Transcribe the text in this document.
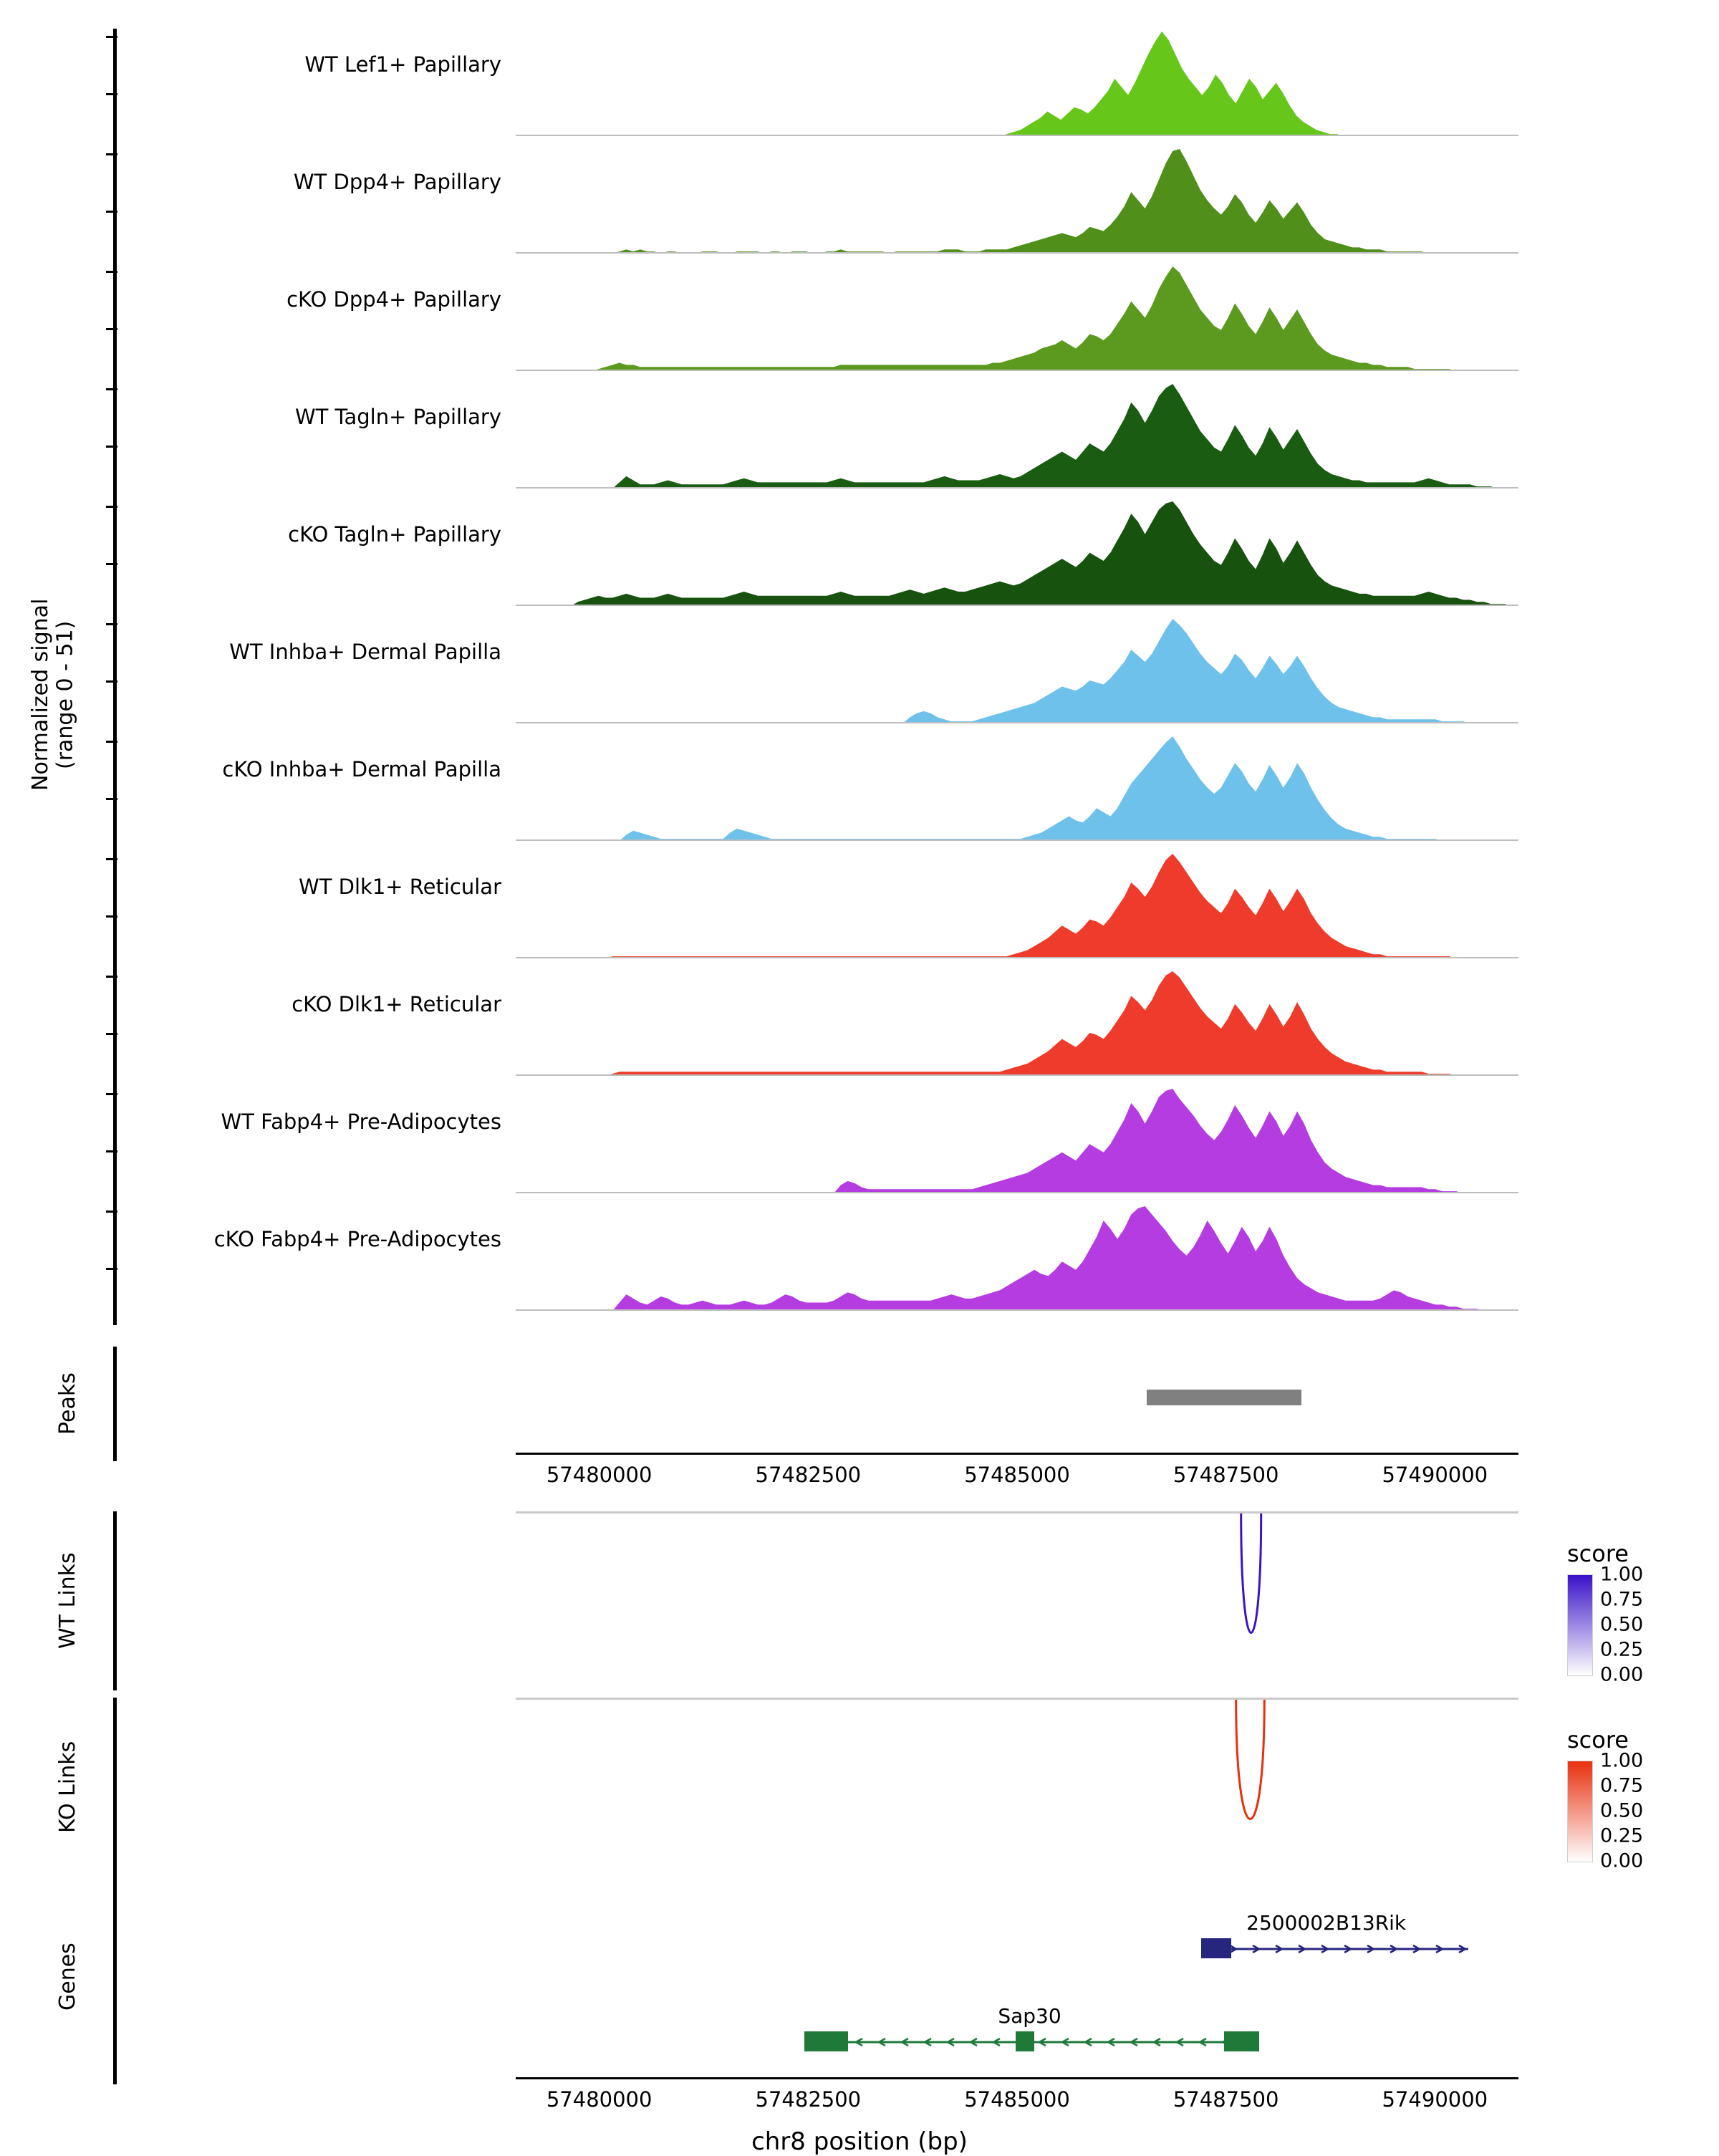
Normalized signal
(range 0 - 51)
WT Lef1+ Papillary
WT Dpp4+ Papillary
cKO Dpp4+ Papillary
WT Tagln+ Papillary
cKO Tagln+ Papillary
WT Inhba+ Dermal Papilla
cKO Inhba+ Dermal Papilla
WT Dlk1+ Reticular
cKO Dlk1+ Reticular
WT Fabp4+ Pre-Adipocytes
cKO Fabp4+ Pre-Adipocytes
Peaks
57480000	57482500	57485000	57487500	57490000
WT Links
KO Links
Genes
2500002B13Rik
Sap30
57480000	57482500	57485000	57487500	57490000
chr8 position (bp)
score
1.00
0.75
0.50
0.25
0.00
score
1.00
0.75
0.50
0.25
0.00
